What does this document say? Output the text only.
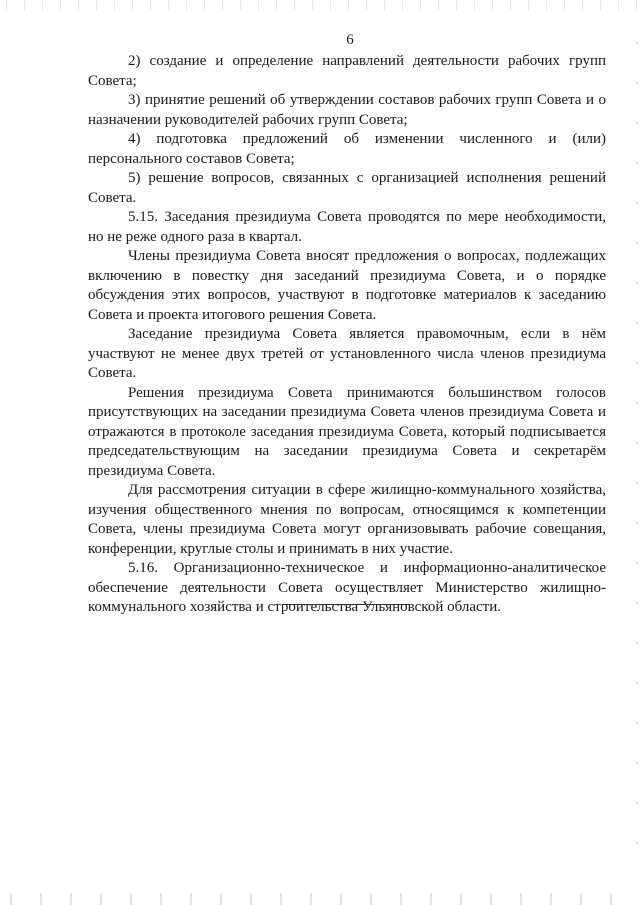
6

2) создание и определение направлений деятельности рабочих групп Совета;

3) принятие решений об утверждении составов рабочих групп Совета и о назначении руководителей рабочих групп Совета;

4) подготовка предложений об изменении численного и (или) персонального составов Совета;

5) решение вопросов, связанных с организацией исполнения решений Совета.

5.15. Заседания президиума Совета проводятся по мере необходимости, но не реже одного раза в квартал.

Члены президиума Совета вносят предложения о вопросах, подлежащих включению в повестку дня заседаний президиума Совета, и о порядке обсуждения этих вопросов, участвуют в подготовке материалов к заседанию Совета и проекта итогового решения Совета.

Заседание президиума Совета является правомочным, если в нём участвуют не менее двух третей от установленного числа членов президиума Совета.

Решения президиума Совета принимаются большинством голосов присутствующих на заседании президиума Совета членов президиума Совета и отражаются в протоколе заседания президиума Совета, который подписывается председательствующим на заседании президиума Совета и секретарём президиума Совета.

Для рассмотрения ситуации в сфере жилищно-коммунального хозяйства, изучения общественного мнения по вопросам, относящимся к компетенции Совета, члены президиума Совета могут организовывать рабочие совещания, конференции, круглые столы и принимать в них участие.

5.16. Организационно-техническое и информационно-аналитическое обеспечение деятельности Совета осуществляет Министерство жилищно-коммунального хозяйства и строительства Ульяновской области.
